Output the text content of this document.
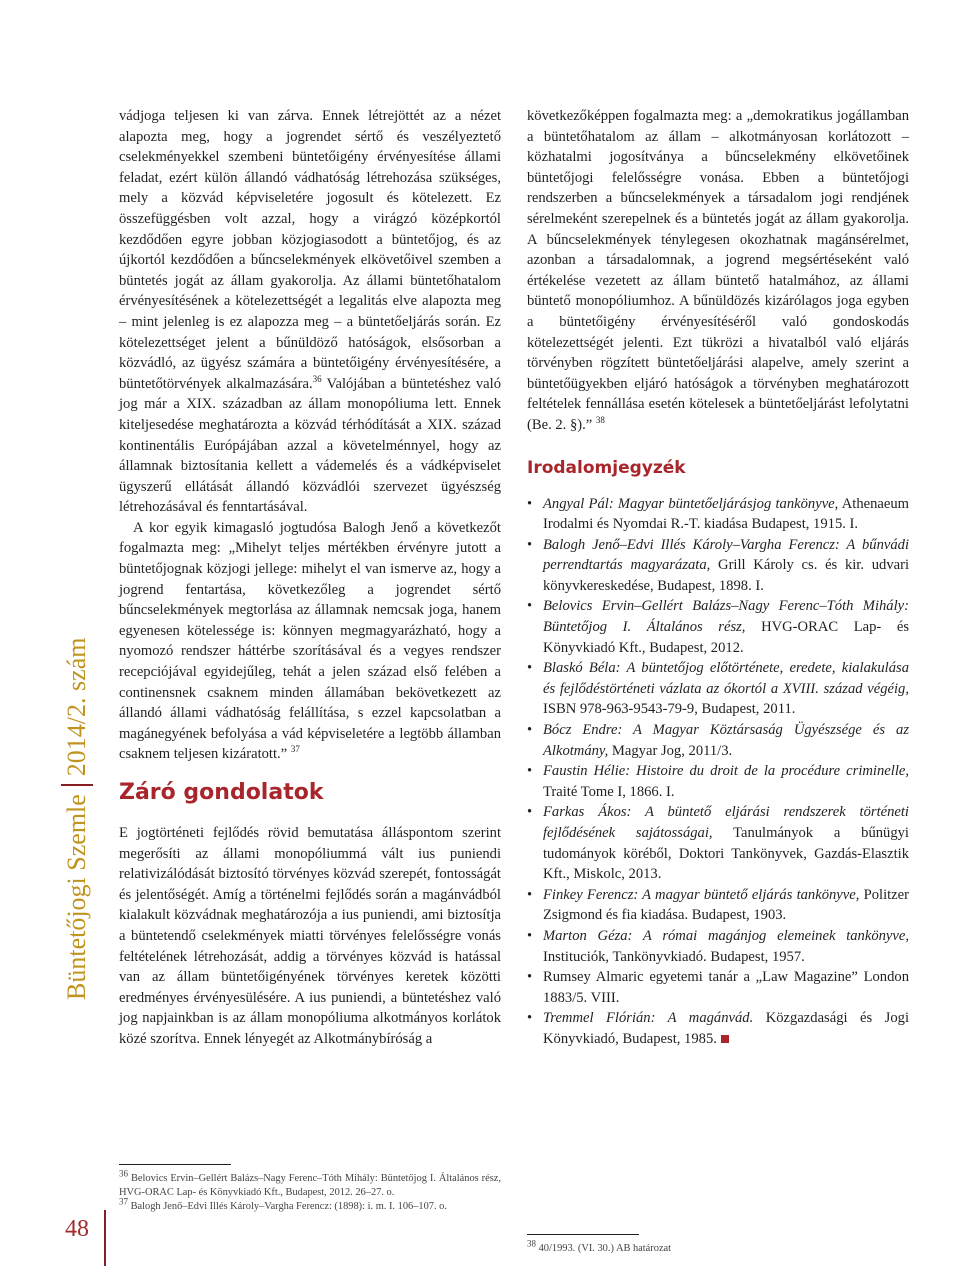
Büntetőjogi Szemle
2014/2. szám
48

vádjoga teljesen ki van zárva. Ennek létrejöttét az a nézet alapozta meg, hogy a jogrendet sértő és veszélyeztető cselekményekkel szembeni büntetőigény érvényesítése állami feladat, ezért külön állandó vádhatóság létrehozása szükséges, mely a közvád képviseletére jogosult és kötelezett. Ez összefüggésben volt azzal, hogy a virágzó középkortól kezdődően egyre jobban közjogiasodott a büntetőjog, és az újkortól kezdődően a bűncselekmények elkövetőivel szemben a büntetés jogát az állam gyakorolja. Az állami büntetőhatalom érvényesítésének a kötelezettségét a legalitás elve alapozta meg – mint jelenleg is ez alapozza meg – a büntetőeljárás során. Ez kötelezettséget jelent a bűnüldöző hatóságok, elsősorban a közvádló, az ügyész számára a büntetőigény érvényesítésére, a büntetőtörvények alkalmazására.$^{36}$ Valójában a büntetéshez való jog már a XIX. században az állam monopóliuma lett. Ennek kiteljesedése meghatározta a közvád térhódítását a XIX. század kontinentális Európájában azzal a követelménnyel, hogy az államnak biztosítania kellett a vádemelés és a vádképviselet ügyszerű ellátását állandó közvádlói szervezet ügyészség létrehozásával és fenntartásával.

A kor egyik kimagasló jogtudósa Balogh Jenő a következőt fogalmazta meg: „Mihelyt teljes mértékben érvényre jutott a büntetőjognak közjogi jellege: mihelyt el van ismerve az, hogy a jogrend fentartása, következőleg a jogrendet sértő bűncselekmények megtorlása az államnak nemcsak joga, hanem egyenesen kötelessége is: könnyen megmagyarázható, hogy a nyomozó rendszer háttérbe szorításával és a vegyes rendszer recepciójával egyidejűleg, tehát a jelen század első felében a continensnek csaknem minden államában bekövetkezett az állandó állami vádhatóság felállítása, s ezzel kapcsolatban a magánegyének befolyása a vád képviseletére a legtöbb államban csaknem teljesen kizáratott.” $^{37}$

Záró gondolatok

E jogtörténeti fejlődés rövid bemutatása álláspontom szerint megerősíti az állami monopóliummá vált ius puniendi relativizálódását biztosító törvényes közvád szerepét, fontosságát és jelentőségét. Amíg a történelmi fejlődés során a magánvádból kialakult közvádnak meghatározója a ius puniendi, ami biztosítja a büntetendő cselekmények miatti törvényes felelősségre vonás feltételének létrehozását, addig a törvényes közvád is hatással van az állam büntetőigényének törvényes keretek közötti eredményes érvényesülésére. A ius puniendi, a büntetéshez való jog napjainkban is az állam monopóliuma alkotmányos korlátok közé szorítva. Ennek lényegét az Alkotmánybíróság a

következőképpen fogalmazta meg: a „demokratikus jogállamban a büntetőhatalom az állam – alkotmányosan korlátozott – közhatalmi jogosítványa a bűncselekmény elkövetőinek büntetőjogi felelősségre vonása. Ebben a büntetőjogi rendszerben a bűncselekmények a társadalom jogi rendjének sérelmeként szerepelnek és a büntetés jogát az állam gyakorolja. A bűncselekmények ténylegesen okozhatnak magánsérelmet, azonban a társadalomnak, a jogrend megsértéseként való értékelése vezetett az állam büntető hatalmához, az állami büntető monopóliumhoz. A bűnüldözés kizárólagos joga egyben a büntetőigény érvényesítéséről való gondoskodás kötelezettségét jelenti. Ezt tükrözi a hivatalból való eljárás törvényben rögzített büntetőeljárási alapelve, amely szerint a büntetőügyekben eljáró hatóságok a törvényben meghatározott feltételek fennállása esetén kötelesek a büntetőeljárást lefolytatni (Be. 2. §).” $^{38}$

Irodalomjegyzék
• Angyal Pál: Magyar büntetőeljárásjog tankönyve, Athenaeum Irodalmi és Nyomdai R.-T. kiadása Budapest, 1915. I.
• Balogh Jenő–Edvi Illés Károly–Vargha Ferencz: A bűnvádi perrendtartás magyarázata, Grill Károly cs. és kir. udvari könyvkereskedése, Budapest, 1898. I.
• Belovics Ervin–Gellért Balázs–Nagy Ferenc–Tóth Mihály: Büntetőjog I. Általános rész, HVG-ORAC Lap- és Könyvkiadó Kft., Budapest, 2012.
• Blaskó Béla: A büntetőjog előtörténete, eredete, kialakulása és fejlődéstörténeti vázlata az ókortól a XVIII. század végéig, ISBN 978-963-9543-79-9, Budapest, 2011.
• Bócz Endre: A Magyar Köztársaság Ügyészsége és az Alkotmány, Magyar Jog, 2011/3.
• Faustin Hélie: Histoire du droit de la procédure criminelle, Traité Tome I, 1866. I.
• Farkas Ákos: A büntető eljárási rendszerek történeti fejlődésének sajátosságai, Tanulmányok a bűnügyi tudományok köréből, Doktori Tankönyvek, Gazdás-Elasztik Kft., Miskolc, 2013.
• Finkey Ferencz: A magyar büntető eljárás tankönyve, Politzer Zsigmond és fia kiadása. Budapest, 1903.
• Marton Géza: A római magánjog elemeinek tankönyve, Instituciók, Tankönyvkiadó. Budapest, 1957.
• Rumsey Almaric egyetemi tanár a „Law Magazine” London 1883/5. VIII.
• Tremmel Flórián: A magánvád. Közgazdasági és Jogi Könyvkiadó, Budapest, 1985.
$^{36}$ Belovics Ervin–Gellért Balázs–Nagy Ferenc–Tóth Mihály: Büntetőjog I. Általános rész, HVG-ORAC Lap- és Könyvkiadó Kft., Budapest, 2012. 26–27. o.
$^{37}$ Balogh Jenő–Edvi Illés Károly–Vargha Ferencz: (1898): i. m. I. 106–107. o.
$^{38}$ 40/1993. (VI. 30.) AB határozat
